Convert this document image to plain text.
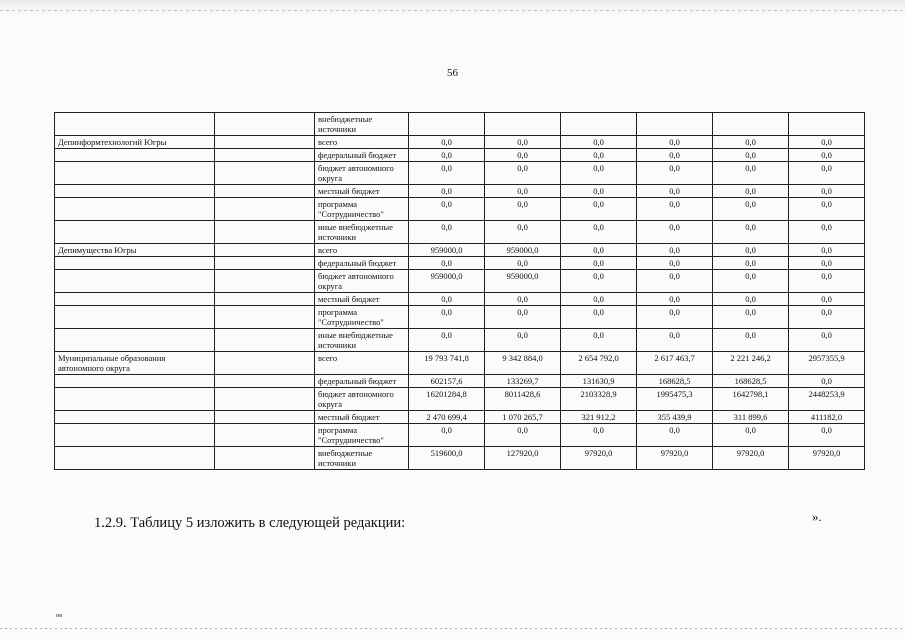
56
		внебюджетные источники						
Депинформтехнологий Югры		всего	0,0	0,0	0,0	0,0	0,0	0,0
		федеральный бюджет	0,0	0,0	0,0	0,0	0,0	0,0
		бюджет автономного округа	0,0	0,0	0,0	0,0	0,0	0,0
		местный бюджет	0,0	0,0	0,0	0,0	0,0	0,0
		программа "Сотрудничество"	0,0	0,0	0,0	0,0	0,0	0,0
		иные внебюджетные источники	0,0	0,0	0,0	0,0	0,0	0,0
Депимущества Югры		всего	959000,0	959000,0	0,0	0,0	0,0	0,0
		федеральный бюджет	0,0	0,0	0,0	0,0	0,0	0,0
		бюджет автономного округа	959000,0	959000,0	0,0	0,0	0,0	0,0
		местный бюджет	0,0	0,0	0,0	0,0	0,0	0,0
		программа "Сотрудничество"	0,0	0,0	0,0	0,0	0,0	0,0
		иные внебюджетные источники	0,0	0,0	0,0	0,0	0,0	0,0
Муниципальные образования автономного округа		всего	19 793 741,8	9 342 884,0	2 654 792,0	2 617 463,7	2 221 246,2	2957355,9
		федеральный бюджет	602157,6	133269,7	131630,9	168628,5	168628,5	0,0
		бюджет автономного округа	16201284,8	8011428,6	2103328,9	1995475,3	1642798,1	2448253,9
		местный бюджет	2 470 699,4	1 070 265,7	321 912,2	355 439,9	311 899,6	411182,0
		программа "Сотрудничество"	0,0	0,0	0,0	0,0	0,0	0,0
		внебюджетные источники	519600,0	127920,0	97920,0	97920,0	97920,0	97920,0
1.2.9. Таблицу 5 изложить в следующей редакции:	».
нв
